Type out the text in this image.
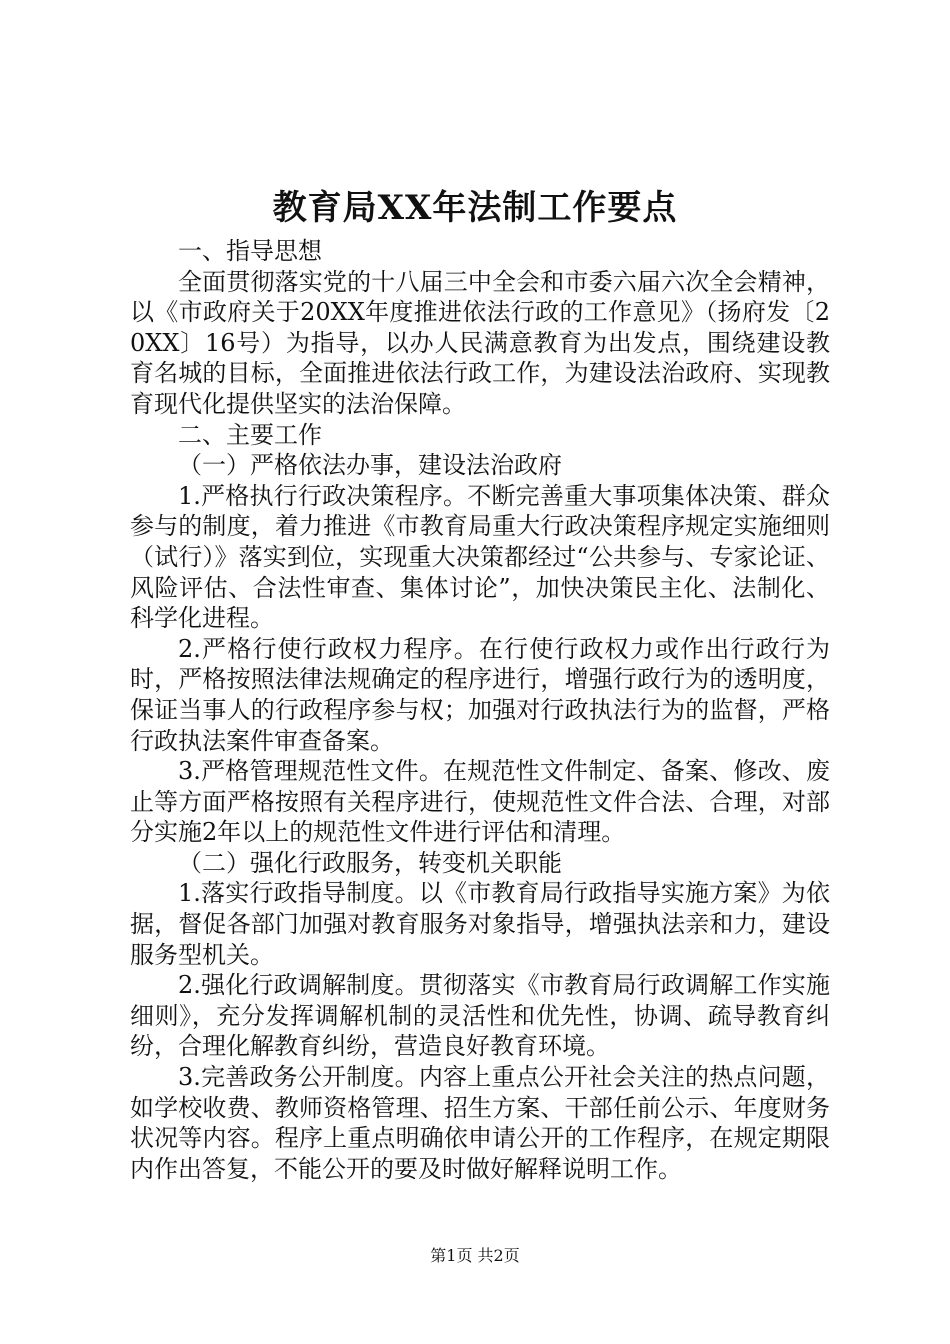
教育局XX年法制工作要点

一、指导思想

全面贯彻落实党的十八届三中全会和市委六届六次全会精神，以《市政府关于20XX年度推进依法行政的工作意见》（扬府发〔20XX〕16号）为指导，以办人民满意教育为出发点，围绕建设教育名城的目标，全面推进依法行政工作，为建设法治政府、实现教育现代化提供坚实的法治保障。

二、主要工作

（一）严格依法办事，建设法治政府

1.严格执行行政决策程序。不断完善重大事项集体决策、群众参与的制度，着力推进《市教育局重大行政决策程序规定实施细则（试行）》落实到位，实现重大决策都经过“公共参与、专家论证、风险评估、合法性审查、集体讨论”，加快决策民主化、法制化、科学化进程。

2.严格行使行政权力程序。在行使行政权力或作出行政行为时，严格按照法律法规确定的程序进行，增强行政行为的透明度，保证当事人的行政程序参与权；加强对行政执法行为的监督，严格行政执法案件审查备案。

3.严格管理规范性文件。在规范性文件制定、备案、修改、废止等方面严格按照有关程序进行，使规范性文件合法、合理，对部分实施2年以上的规范性文件进行评估和清理。

（二）强化行政服务，转变机关职能

1.落实行政指导制度。以《市教育局行政指导实施方案》为依据，督促各部门加强对教育服务对象指导，增强执法亲和力，建设服务型机关。

2.强化行政调解制度。贯彻落实《市教育局行政调解工作实施细则》，充分发挥调解机制的灵活性和优先性，协调、疏导教育纠纷，合理化解教育纠纷，营造良好教育环境。

3.完善政务公开制度。内容上重点公开社会关注的热点问题，如学校收费、教师资格管理、招生方案、干部任前公示、年度财务状况等内容。程序上重点明确依申请公开的工作程序，在规定期限内作出答复，不能公开的要及时做好解释说明工作。

第1页 共2页
